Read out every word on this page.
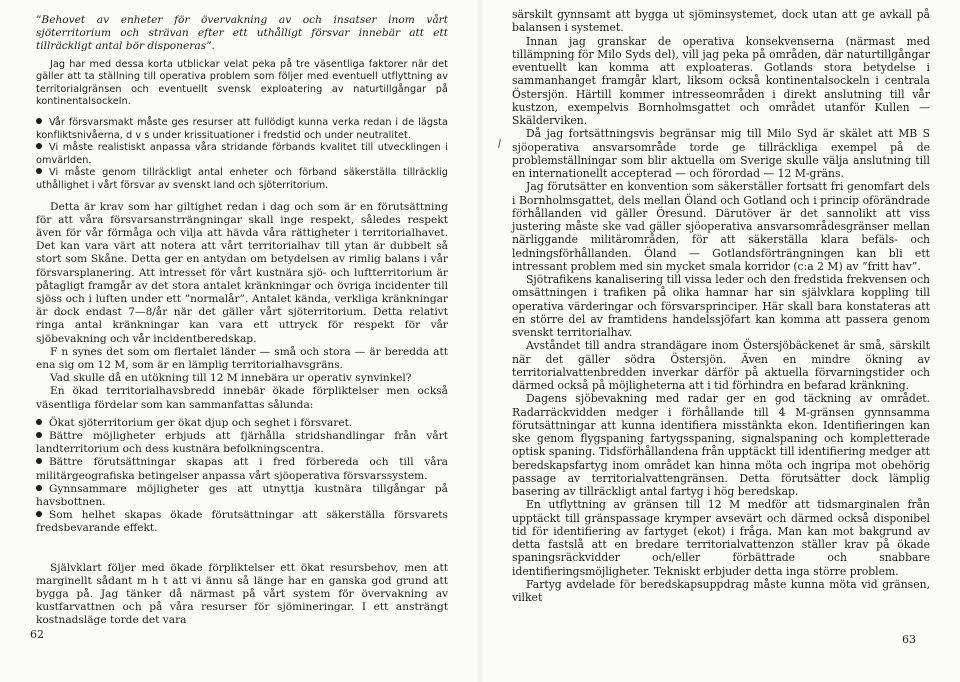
”Behovet av enheter för övervakning av och insatser inom vårt sjöterritorium och strävan efter ett uthålligt försvar innebär att ett tillräckligt antal bör disponeras”.

Jag har med dessa korta utblickar velat peka på tre väsentliga faktorer när det gäller att ta ställning till operativa problem som följer med eventuell utflyttning av territorialgränsen och eventuellt svensk exploatering av naturtillgångar på kontinentalsockeln.

Vår försvarsmakt måste ges resurser att fullödigt kunna verka redan i de lägsta konfliktsnivåerna, d v s under krissituationer i fredstid och under neutralitet.

Vi måste realistiskt anpassa våra stridande förbands kvalitet till utvecklingen i omvärlden.

Vi måste genom tillräckligt antal enheter och förband säkerställa tillräcklig uthållighet i vårt försvar av svenskt land och sjöterritorium.

Detta är krav som har giltighet redan i dag och som är en förutsättning för att våra försvarsanstrrängningar skall inge respekt, således respekt även för vår förmåga och vilja att hävda våra rättigheter i territorialhavet. Det kan vara värt att notera att vårt territorialhav till ytan är dubbelt så stort som Skåne. Detta ger en antydan om betydelsen av rimlig balans i vår försvarsplanering. Att intresset för vårt kustnära sjö- och luftterritorium är påtagligt framgår av det stora antalet kränkningar och övriga incidenter till sjöss och i luften under ett ”normalår”. Antalet kända, verkliga kränkningar är dock endast 7—8/år när det gäller vårt sjöterritorium. Detta relativt ringa antal kränkningar kan vara ett uttryck för respekt för vår sjöbevakning och vår incidentberedskap.

F n synes det som om flertalet länder — små och stora — är beredda att ena sig om 12 M, som är en lämplig territorialhavsgräns.

Vad skulle då en utökning till 12 M innebära ur operativ synvinkel?

En ökad territorialhavsbredd innebär ökade förpliktelser men också väsentliga fördelar som kan sammanfattas sålunda:

Ökat sjöterritorium ger ökat djup och seghet i försvaret.

Bättre möjligheter erbjuds att fjärhålla stridshandlingar från vårt landterritorium och dess kustnära befolkningscentra.

Bättre förutsättningar skapas att i fred förbereda och till våra militärgeografiska betingelser anpassa vårt sjöoperativa försvarssystem.

Gynnsammare möjligheter ges att utnyttja kustnära tillgångar på havsbottnen.

Som helhet skapas ökade förutsättningar att säkerställa försvarets fredsbevarande effekt.

Självklart följer med ökade förpliktelser ett ökat resursbehov, men att marginellt sådant m h t att vi ännu så länge har en ganska god grund att bygga på. Jag tänker då närmast på vårt system för övervakning av kustfarvattnen och på våra resurser för sjömineringar. I ett ansträngt kostnadsläge torde det vara

62

särskilt gynnsamt att bygga ut sjöminsystemet, dock utan att ge avkall på balansen i systemet.

Innan jag granskar de operativa konsekvenserna (närmast med tillämpning för Milo Syds del), vill jag peka på områden, där naturtillgångar eventuellt kan komma att exploateras. Gotlands stora betydelse i sammanhanget framgår klart, liksom också kontinentalsockeln i centrala Östersjön. Härtill kommer intresseområden i direkt anslutning till vår kustzon, exempelvis Bornholmsgattet och området utanför Kullen — Skälderviken.

Då jag fortsättningsvis begränsar mig till Milo Syd är skälet att MB S sjöoperativa ansvarsområde torde ge tillräckliga exempel på de problemställningar som blir aktuella om Sverige skulle välja anslutning till en internationellt accepterad — och förordad — 12 M-gräns.

Jag förutsätter en konvention som säkerställer fortsatt fri genomfart dels i Bornholmsgattet, dels mellan Öland och Gotland och i princip oförändrade förhållanden vid gäller Öresund. Därutöver är det sannolikt att viss justering måste ske vad gäller sjöoperativa ansvarsområdesgränser mellan närliggande militärområden, för att säkerställa klara befäls- och ledningsförhållanden. Öland — Gotlandsförträngningen kan bli ett intressant problem med sin mycket smala korridor (c:a 2 M) av ”fritt hav”.

Sjötrafikens kanalisering till vissa leder och den fredstida frekvensen och omsättningen i trafiken på olika hamnar har sin självklara koppling till operativa värderingar och försvarsprinciper. Här skall bara konstateras att en större del av framtidens handelssjöfart kan komma att passera genom svenskt territorialhav.

Avståndet till andra strandägare inom Östersjöbäckenet är små, särskilt när det gäller södra Östersjön. Även en mindre ökning av territorialvattenbredden inverkar därför på aktuella förvarningstider och därmed också på möjligheterna att i tid förhindra en befarad kränkning.

Dagens sjöbevakning med radar ger en god täckning av området. Radarräckvidden medger i förhållande till 4 M-gränsen gynnsamma förutsättningar att kunna identifiera misstänkta ekon. Identifieringen kan ske genom flygspaning fartygsspaning, signalspaning och kompletterade optisk spaning. Tidsförhållandena från upptäckt till identifiering medger att beredskapsfartyg inom området kan hinna möta och ingripa mot obehörig passage av territorialvattengränsen. Detta förutsätter dock lämplig basering av tillräckligt antal fartyg i hög beredskap.

En utflyttning av gränsen till 12 M medför att tidsmarginalen från upptäckt till gränspassage krymper avsevärt och därmed också disponibel tid för identifiering av fartyget (ekot) i fråga. Man kan mot bakgrund av detta fastslå att en bredare territorialvattenzon ställer krav på ökade spaningsräckvidder och/eller förbättrade och snabbare identifieringsmöjligheter. Tekniskt erbjuder detta inga större problem.

Fartyg avdelade för beredskapsuppdrag måste kunna möta vid gränsen, vilket

63
